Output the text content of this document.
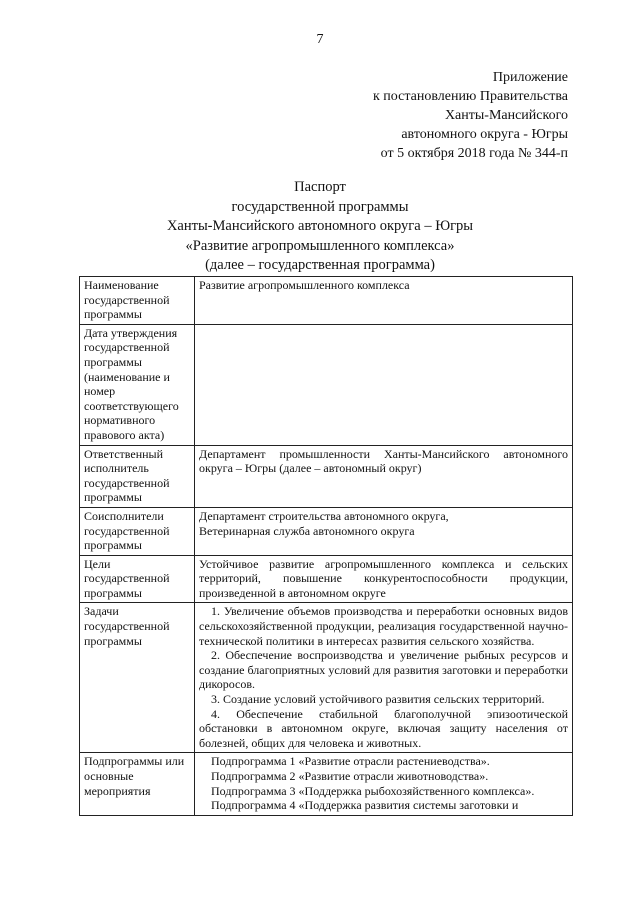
7
Приложение
к постановлению Правительства
Ханты-Мансийского
автономного округа - Югры
от 5 октября 2018 года № 344-п
Паспорт
государственной программы
Ханты-Мансийского автономного округа – Югры
«Развитие агропромышленного комплекса»
(далее – государственная программа)
Наименование государственной программы	Развитие агропромышленного комплекса

Дата утверждения государственной программы (наименование и номер соответствующего нормативного правового акта)	
Ответственный исполнитель государственной программы	Департамент промышленности Ханты-Мансийского автономного округа – Югры (далее – автономный округ)

Соисполнители государственной программы	Департамент строительства автономного округа,
Ветеринарная служба автономного округа

Цели государственной программы	Устойчивое развитие агропромышленного комплекса и сельских территорий, повышение конкурентоспособности продукции, произведенной в автономном округе

Задачи государственной программы	1. Увеличение объемов производства и переработки основных видов сельскохозяйственной продукции, реализация государственной научно-технической политики в интересах развития сельского хозяйства.
2. Обеспечение воспроизводства и увеличение рыбных ресурсов и создание благоприятных условий для развития заготовки и переработки дикоросов.
3. Создание условий устойчивого развития сельских территорий.
4. Обеспечение стабильной благополучной эпизоотической обстановки в автономном округе, включая защиту населения от болезней, общих для человека и животных.

Подпрограммы или основные мероприятия	Подпрограмма 1 «Развитие отрасли растениеводства».
Подпрограмма 2 «Развитие отрасли животноводства».
Подпрограмма 3 «Поддержка рыбохозяйственного комплекса».
Подпрограмма 4 «Поддержка развития системы заготовки и
